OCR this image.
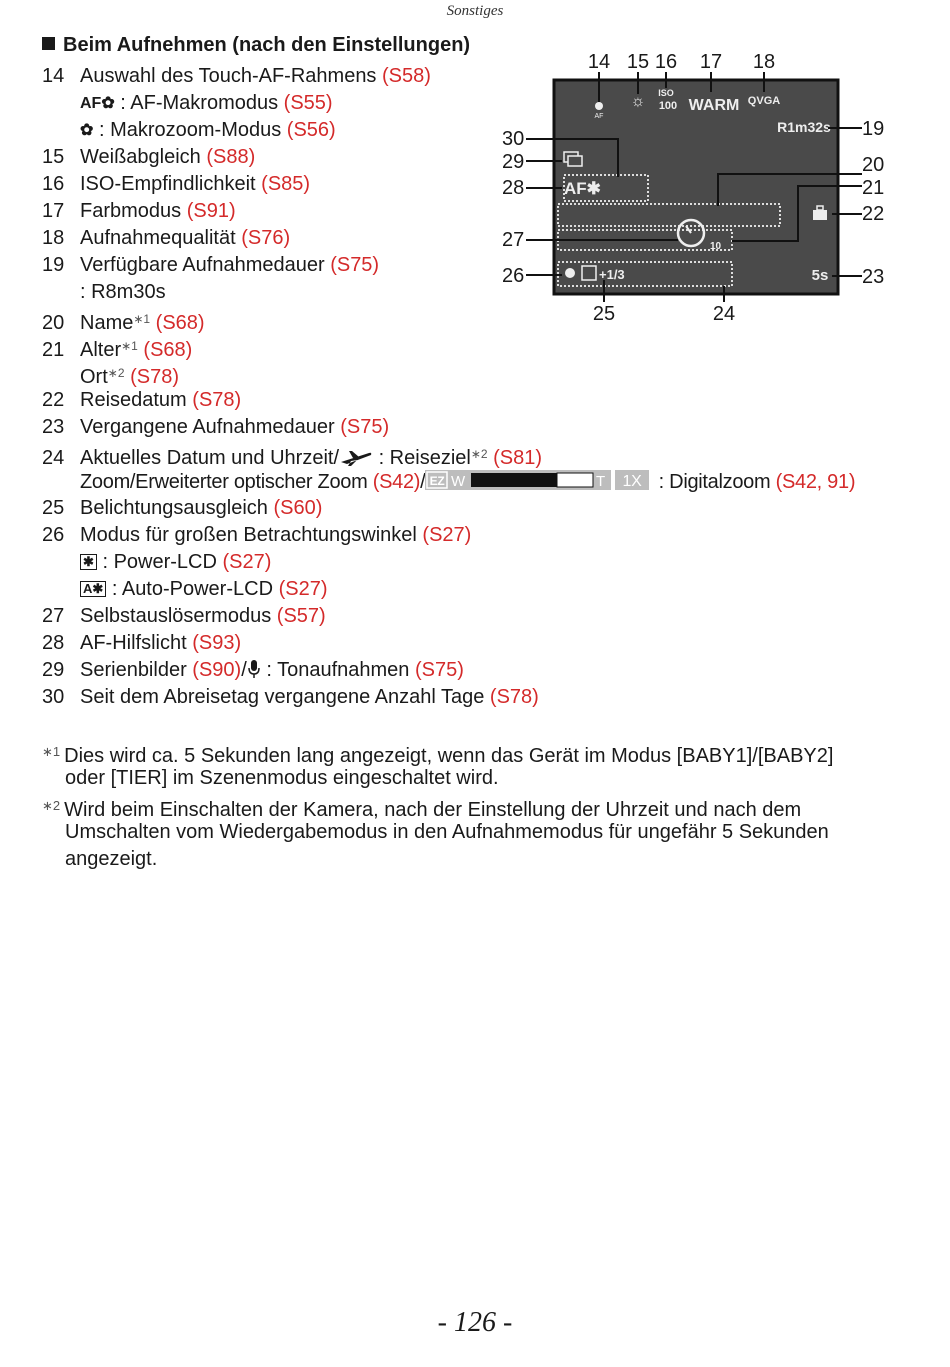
Sonstiges
Beim Aufnehmen (nach den Einstellungen)
14 Auswahl des Touch-AF-Rahmens (S58)
AF✿ : AF-Makromodus (S55)
✿ : Makrozoom-Modus (S56)
15 Weißabgleich (S88)
16 ISO-Empfindlichkeit (S85)
17 Farbmodus (S91)
18 Aufnahmequalität (S76)
19 Verfügbare Aufnahmedauer (S75)
: R8m30s
20 Name$^{∗1}$ (S68)
21 Alter$^{∗1}$ (S68)
Ort$^{∗2}$ (S78)
22 Reisedatum (S78)
23 Vergangene Aufnahmedauer (S75)
24 Aktuelles Datum und Uhrzeit/ : Reiseziel$^{∗2}$ (S81)
Zoom/Erweiterter optischer Zoom (S42)/ EZ W	T 1X : Digitalzoom (S42, 91)
25 Belichtungsausgleich (S60)
26 Modus für großen Betrachtungswinkel (S27)
✱ : Power-LCD (S27)
A✱ : Auto-Power-LCD (S27)
27 Selbstauslösermodus (S57)
28 AF-Hilfslicht (S93)
29 Serienbilder (S90)/ : Tonaufnahmen (S75)
30 Seit dem Abreisetag vergangene Anzahl Tage (S78)
$^{∗1}$ Dies wird ca. 5 Sekunden lang angezeigt, wenn das Gerät im Modus [BABY1]/[BABY2]
oder [TIER] im Szenenmodus eingeschaltet wird.
$^{∗2}$ Wird beim Einschalten der Kamera, nach der Einstellung der Uhrzeit und nach dem
Umschalten vom Wiedergabemodus in den Aufnahmemodus für ungefähr 5 Sekunden
angezeigt.
14 15 16 17 18
AF
☼ ISO
100 WARM QVGA
R1m32s 19
AF✱
10
+1/3	5s
30
29
28
27
26
20
21
22
23
25	24
- 126 -
